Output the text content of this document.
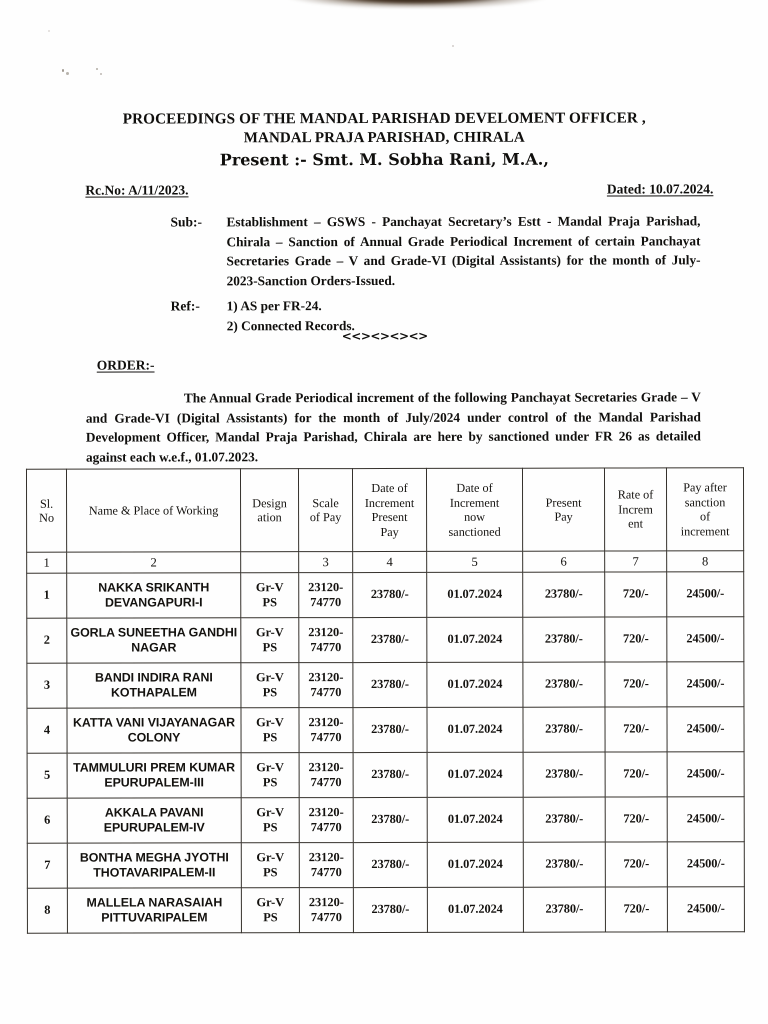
PROCEEDINGS OF THE MANDAL PARISHAD DEVELOMENT OFFICER ,
MANDAL PRAJA PARISHAD, CHIRALA
Present :- Smt. M. Sobha Rani, M.A.,
Rc.No: A/11/2023.	Dated: 10.07.2024.
Sub:-	Establishment – GSWS - Panchayat Secretary’s Estt - Mandal Praja Parishad, Chirala – Sanction of Annual Grade Periodical Increment of certain Panchayat Secretaries Grade – V and Grade-VI (Digital Assistants) for the month of July-2023-Sanction Orders-Issued.
Ref:-	1) AS per FR-24.
2) Connected Records.
<<><><><>
ORDER:-
The Annual Grade Periodical increment of the following Panchayat Secretaries Grade – V and Grade-VI (Digital Assistants) for the month of July/2024 under control of the Mandal Parishad Development Officer, Mandal Praja Parishad, Chirala are here by sanctioned under FR 26 as detailed against each w.e.f., 01.07.2023.
Sl.
No	Name & Place of Working	Design
ation	Scale
of Pay	Date of
Increment
Present
Pay	Date of
Increment
now
sanctioned	Present
Pay	Rate of
Increm
ent	Pay after
sanction
of
increment

1	2		3	4	5	6	7	8

1	NAKKA SRIKANTH
DEVANGAPURI-I	Gr-V
PS	23120-
74770	23780/-	01.07.2024	23780/-	720/-	24500/-

2	GORLA SUNEETHA GANDHI
NAGAR	Gr-V
PS	23120-
74770	23780/-	01.07.2024	23780/-	720/-	24500/-

3	BANDI INDIRA RANI
KOTHAPALEM	Gr-V
PS	23120-
74770	23780/-	01.07.2024	23780/-	720/-	24500/-

4	KATTA VANI VIJAYANAGAR
COLONY	Gr-V
PS	23120-
74770	23780/-	01.07.2024	23780/-	720/-	24500/-

5	TAMMULURI PREM KUMAR
EPURUPALEM-III	Gr-V
PS	23120-
74770	23780/-	01.07.2024	23780/-	720/-	24500/-

6	AKKALA PAVANI
EPURUPALEM-IV	Gr-V
PS	23120-
74770	23780/-	01.07.2024	23780/-	720/-	24500/-

7	BONTHA MEGHA JYOTHI
THOTAVARIPALEM-II	Gr-V
PS	23120-
74770	23780/-	01.07.2024	23780/-	720/-	24500/-

8	MALLELA NARASAIAH
PITTUVARIPALEM	Gr-V
PS	23120-
74770	23780/-	01.07.2024	23780/-	720/-	24500/-
